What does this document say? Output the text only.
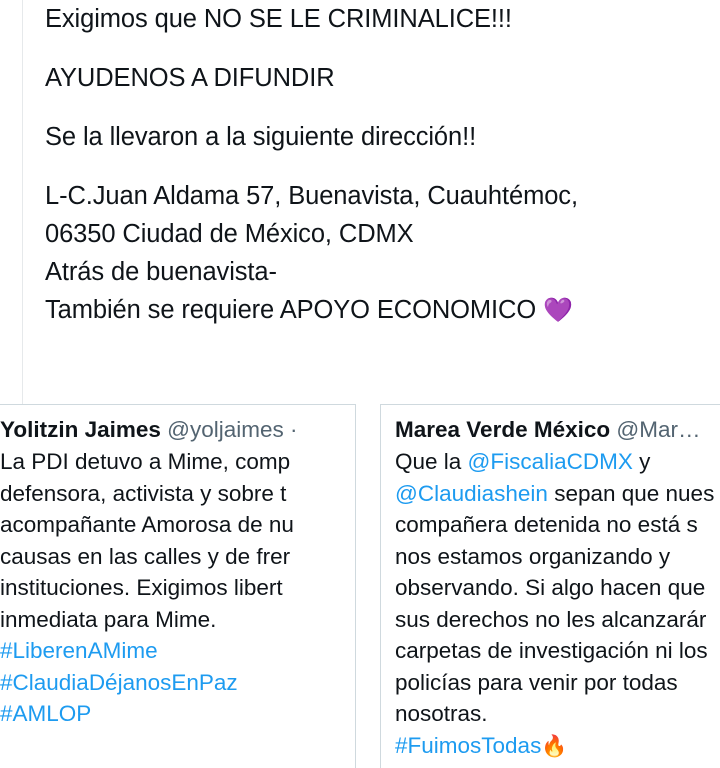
Exigimos que NO SE LE CRIMINALICE!!!

AYUDENOS A DIFUNDIR

Se la llevaron a la siguiente dirección!!

L-C.Juan Aldama 57, Buenavista, Cuauhtémoc,

06350 Ciudad de México, CDMX

Atrás de buenavista-

También se requiere APOYO ECONOMICO 💜

Yolitzin Jaimes @yoljaimes ·
La PDI detuvo a Mime, comp
defensora, activista y sobre t
acompañante Amorosa de nu
causas en las calles y de frer
instituciones. Exigimos libert
inmediata para Mime.
#LiberenAMime
#ClaudiaDéjanosEnPaz
#AMLOP
Marea Verde México @Mar…
Que la @FiscaliaCDMX y
@Claudiashein sepan que nues
compañera detenida no está s
nos estamos organizando y
observando. Si algo hacen que
sus derechos no les alcanzarár
carpetas de investigación ni los
policías para venir por todas
nosotras.
#FuimosTodas🔥
